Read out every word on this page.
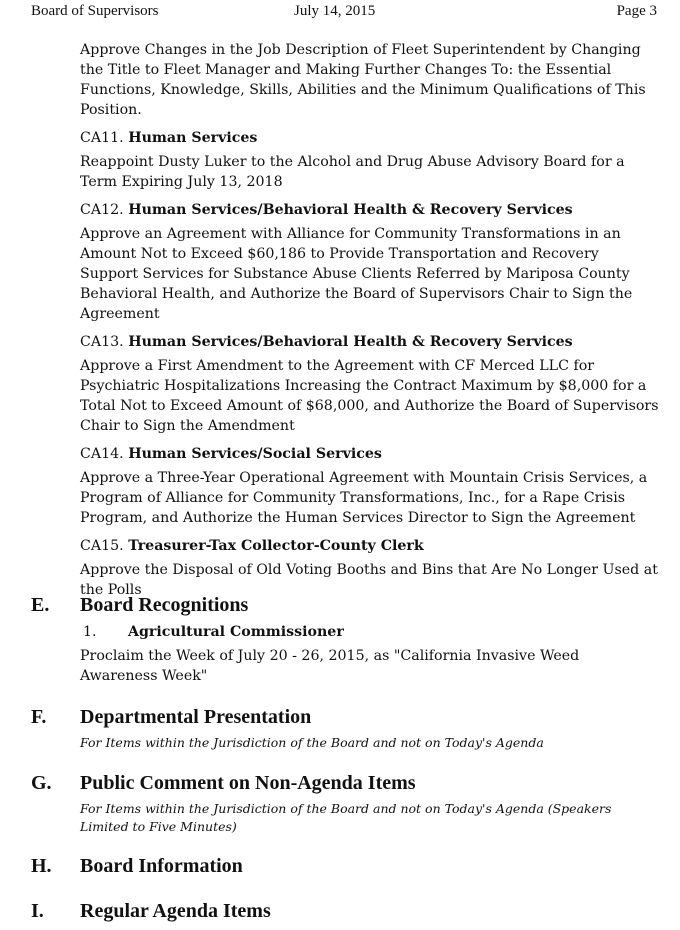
Board of Supervisors	July 14, 2015	Page 3

Approve Changes in the Job Description of Fleet Superintendent by Changing the Title to Fleet Manager and Making Further Changes To: the Essential Functions, Knowledge, Skills, Abilities and the Minimum Qualifications of This Position.

CA11. Human Services

Reappoint Dusty Luker to the Alcohol and Drug Abuse Advisory Board for a Term Expiring July 13, 2018

CA12. Human Services/Behavioral Health & Recovery Services

Approve an Agreement with Alliance for Community Transformations in an Amount Not to Exceed $60,186 to Provide Transportation and Recovery Support Services for Substance Abuse Clients Referred by Mariposa County Behavioral Health, and Authorize the Board of Supervisors Chair to Sign the Agreement

CA13. Human Services/Behavioral Health & Recovery Services

Approve a First Amendment to the Agreement with CF Merced LLC for Psychiatric Hospitalizations Increasing the Contract Maximum by $8,000 for a Total Not to Exceed Amount of $68,000, and Authorize the Board of Supervisors Chair to Sign the Amendment

CA14. Human Services/Social Services

Approve a Three-Year Operational Agreement with Mountain Crisis Services, a Program of Alliance for Community Transformations, Inc., for a Rape Crisis Program, and Authorize the Human Services Director to Sign the Agreement

CA15. Treasurer-Tax Collector-County Clerk

Approve the Disposal of Old Voting Booths and Bins that Are No Longer Used at the Polls

E. Board Recognitions
1. Agricultural Commissioner

Proclaim the Week of July 20 - 26, 2015, as "California Invasive Weed Awareness Week"

F. Departmental Presentation

For Items within the Jurisdiction of the Board and not on Today's Agenda

G. Public Comment on Non-Agenda Items

For Items within the Jurisdiction of the Board and not on Today's Agenda (Speakers Limited to Five Minutes)

H. Board Information
I. Regular Agenda Items
